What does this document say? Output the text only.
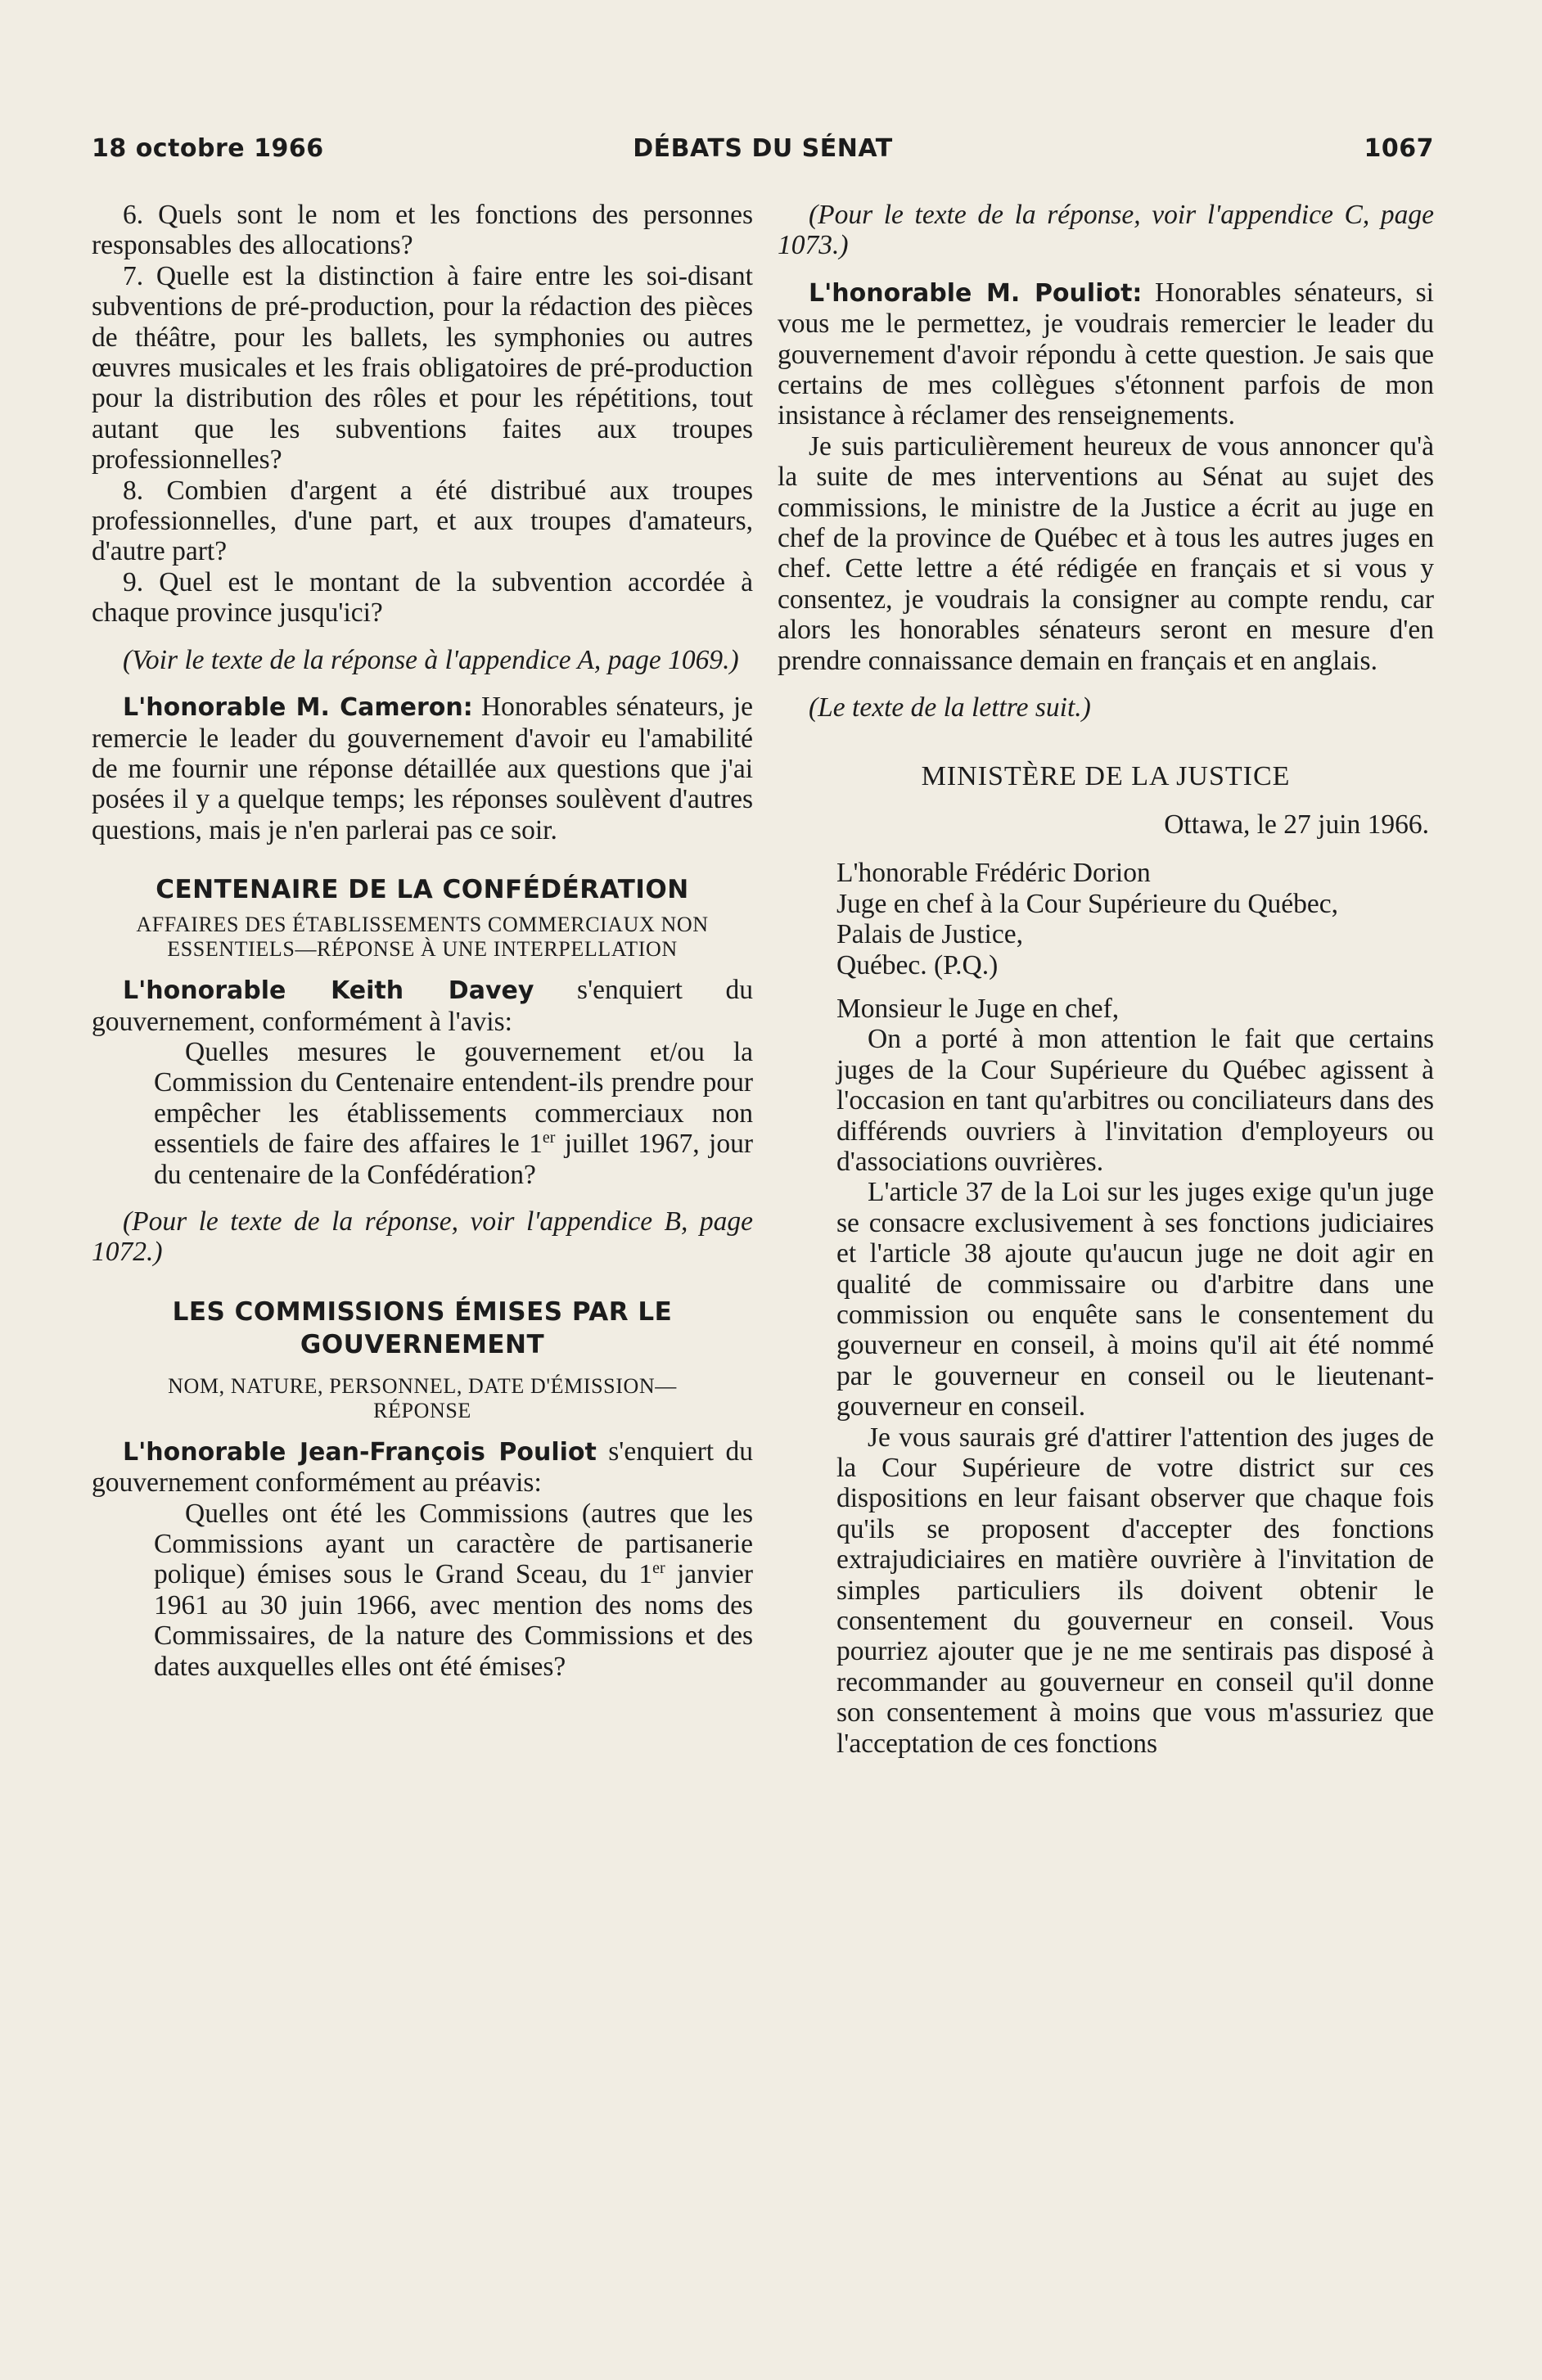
18 octobre 1966	DÉBATS DU SÉNAT	1067

6. Quels sont le nom et les fonctions des personnes responsables des allocations?

7. Quelle est la distinction à faire entre les soi-disant subventions de pré-production, pour la rédaction des pièces de théâtre, pour les ballets, les symphonies ou autres œuvres musicales et les frais obligatoires de pré-production pour la distribution des rôles et pour les répétitions, tout autant que les subventions faites aux troupes professionnelles?

8. Combien d'argent a été distribué aux troupes professionnelles, d'une part, et aux troupes d'amateurs, d'autre part?

9. Quel est le montant de la subvention accordée à chaque province jusqu'ici?

(Voir le texte de la réponse à l'appendice A, page 1069.)

L'honorable M. Cameron: Honorables sénateurs, je remercie le leader du gouvernement d'avoir eu l'amabilité de me fournir une réponse détaillée aux questions que j'ai posées il y a quelque temps; les réponses soulèvent d'autres questions, mais je n'en parlerai pas ce soir.

CENTENAIRE DE LA CONFÉDÉRATION

AFFAIRES DES ÉTABLISSEMENTS COMMERCIAUX NON ESSENTIELS—RÉPONSE À UNE INTERPELLATION

L'honorable Keith Davey s'enquiert du gouvernement, conformément à l'avis:

Quelles mesures le gouvernement et/ou la Commission du Centenaire entendent-ils prendre pour empêcher les établissements commerciaux non essentiels de faire des affaires le 1er juillet 1967, jour du centenaire de la Confédération?

(Pour le texte de la réponse, voir l'appendice B, page 1072.)

LES COMMISSIONS ÉMISES PAR LE GOUVERNEMENT

NOM, NATURE, PERSONNEL, DATE D'ÉMISSION—RÉPONSE

L'honorable Jean-François Pouliot s'enquiert du gouvernement conformément au préavis:

Quelles ont été les Commissions (autres que les Commissions ayant un caractère de partisanerie polique) émises sous le Grand Sceau, du 1er janvier 1961 au 30 juin 1966, avec mention des noms des Commissaires, de la nature des Commissions et des dates auxquelles elles ont été émises?

(Pour le texte de la réponse, voir l'appendice C, page 1073.)

L'honorable M. Pouliot: Honorables sénateurs, si vous me le permettez, je voudrais remercier le leader du gouvernement d'avoir répondu à cette question. Je sais que certains de mes collègues s'étonnent parfois de mon insistance à réclamer des renseignements.

Je suis particulièrement heureux de vous annoncer qu'à la suite de mes interventions au Sénat au sujet des commissions, le ministre de la Justice a écrit au juge en chef de la province de Québec et à tous les autres juges en chef. Cette lettre a été rédigée en français et si vous y consentez, je voudrais la consigner au compte rendu, car alors les honorables sénateurs seront en mesure d'en prendre connaissance demain en français et en anglais.

(Le texte de la lettre suit.)

MINISTÈRE DE LA JUSTICE

Ottawa, le 27 juin 1966.

L'honorable Frédéric Dorion

Juge en chef à la Cour Supérieure du Québec,

Palais de Justice,

Québec. (P.Q.)

Monsieur le Juge en chef,

On a porté à mon attention le fait que certains juges de la Cour Supérieure du Québec agissent à l'occasion en tant qu'arbitres ou conciliateurs dans des différends ouvriers à l'invitation d'employeurs ou d'associations ouvrières.

L'article 37 de la Loi sur les juges exige qu'un juge se consacre exclusivement à ses fonctions judiciaires et l'article 38 ajoute qu'aucun juge ne doit agir en qualité de commissaire ou d'arbitre dans une commission ou enquête sans le consentement du gouverneur en conseil, à moins qu'il ait été nommé par le gouverneur en conseil ou le lieutenant-gouverneur en conseil.

Je vous saurais gré d'attirer l'attention des juges de la Cour Supérieure de votre district sur ces dispositions en leur faisant observer que chaque fois qu'ils se proposent d'accepter des fonctions extrajudiciaires en matière ouvrière à l'invitation de simples particuliers ils doivent obtenir le consentement du gouverneur en conseil. Vous pourriez ajouter que je ne me sentirais pas disposé à recommander au gouverneur en conseil qu'il donne son consentement à moins que vous m'assuriez que l'acceptation de ces fonctions
